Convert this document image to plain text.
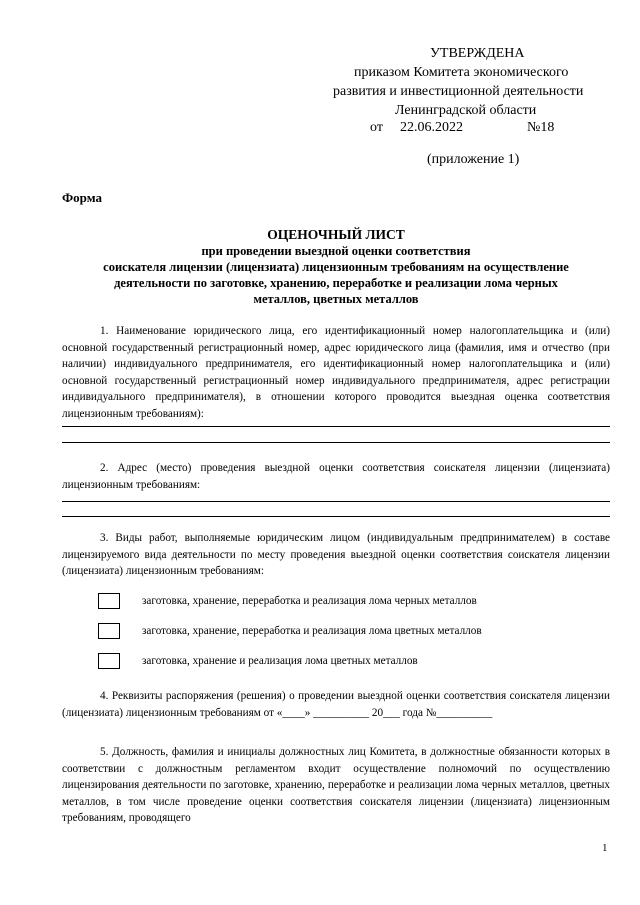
УТВЕРЖДЕНА
приказом Комитета экономического
развития и инвестиционной деятельности
Ленинградской области
от 22.06.2022	№18
(приложение 1)
Форма
ОЦЕНОЧНЫЙ ЛИСТ
при проведении выездной оценки соответствия
соискателя лицензии (лицензиата) лицензионным требованиям на осуществление
деятельности по заготовке, хранению, переработке и реализации лома черных
металлов, цветных металлов
1. Наименование юридического лица, его идентификационный номер налогоплательщика и (или) основной государственный регистрационный номер, адрес юридического лица (фамилия, имя и отчество (при наличии) индивидуального предпринимателя, его идентификационный номер налогоплательщика и (или) основной государственный регистрационный номер индивидуального предпринимателя, адрес регистрации индивидуального предпринимателя), в отношении которого проводится выездная оценка соответствия лицензионным требованиям):
2. Адрес (место) проведения выездной оценки соответствия соискателя лицензии (лицензиата) лицензионным требованиям:
3. Виды работ, выполняемые юридическим лицом (индивидуальным предпринимателем) в составе лицензируемого вида деятельности по месту проведения выездной оценки соответствия соискателя лицензии (лицензиата) лицензионным требованиям:
заготовка, хранение, переработка и реализация лома черных металлов
заготовка, хранение, переработка и реализация лома цветных металлов
заготовка, хранение и реализация лома цветных металлов
4. Реквизиты распоряжения (решения) о проведении выездной оценки соответствия соискателя лицензии (лицензиата) лицензионным требованиям от «____» __________ 20___ года №__________
5. Должность, фамилия и инициалы должностных лиц Комитета, в должностные обязанности которых в соответствии с должностным регламентом входит осуществление полномочий по осуществлению лицензирования деятельности по заготовке, хранению, переработке и реализации лома черных металлов, цветных металлов, в том числе проведение оценки соответствия соискателя лицензии (лицензиата) лицензионным требованиям, проводящего
1
